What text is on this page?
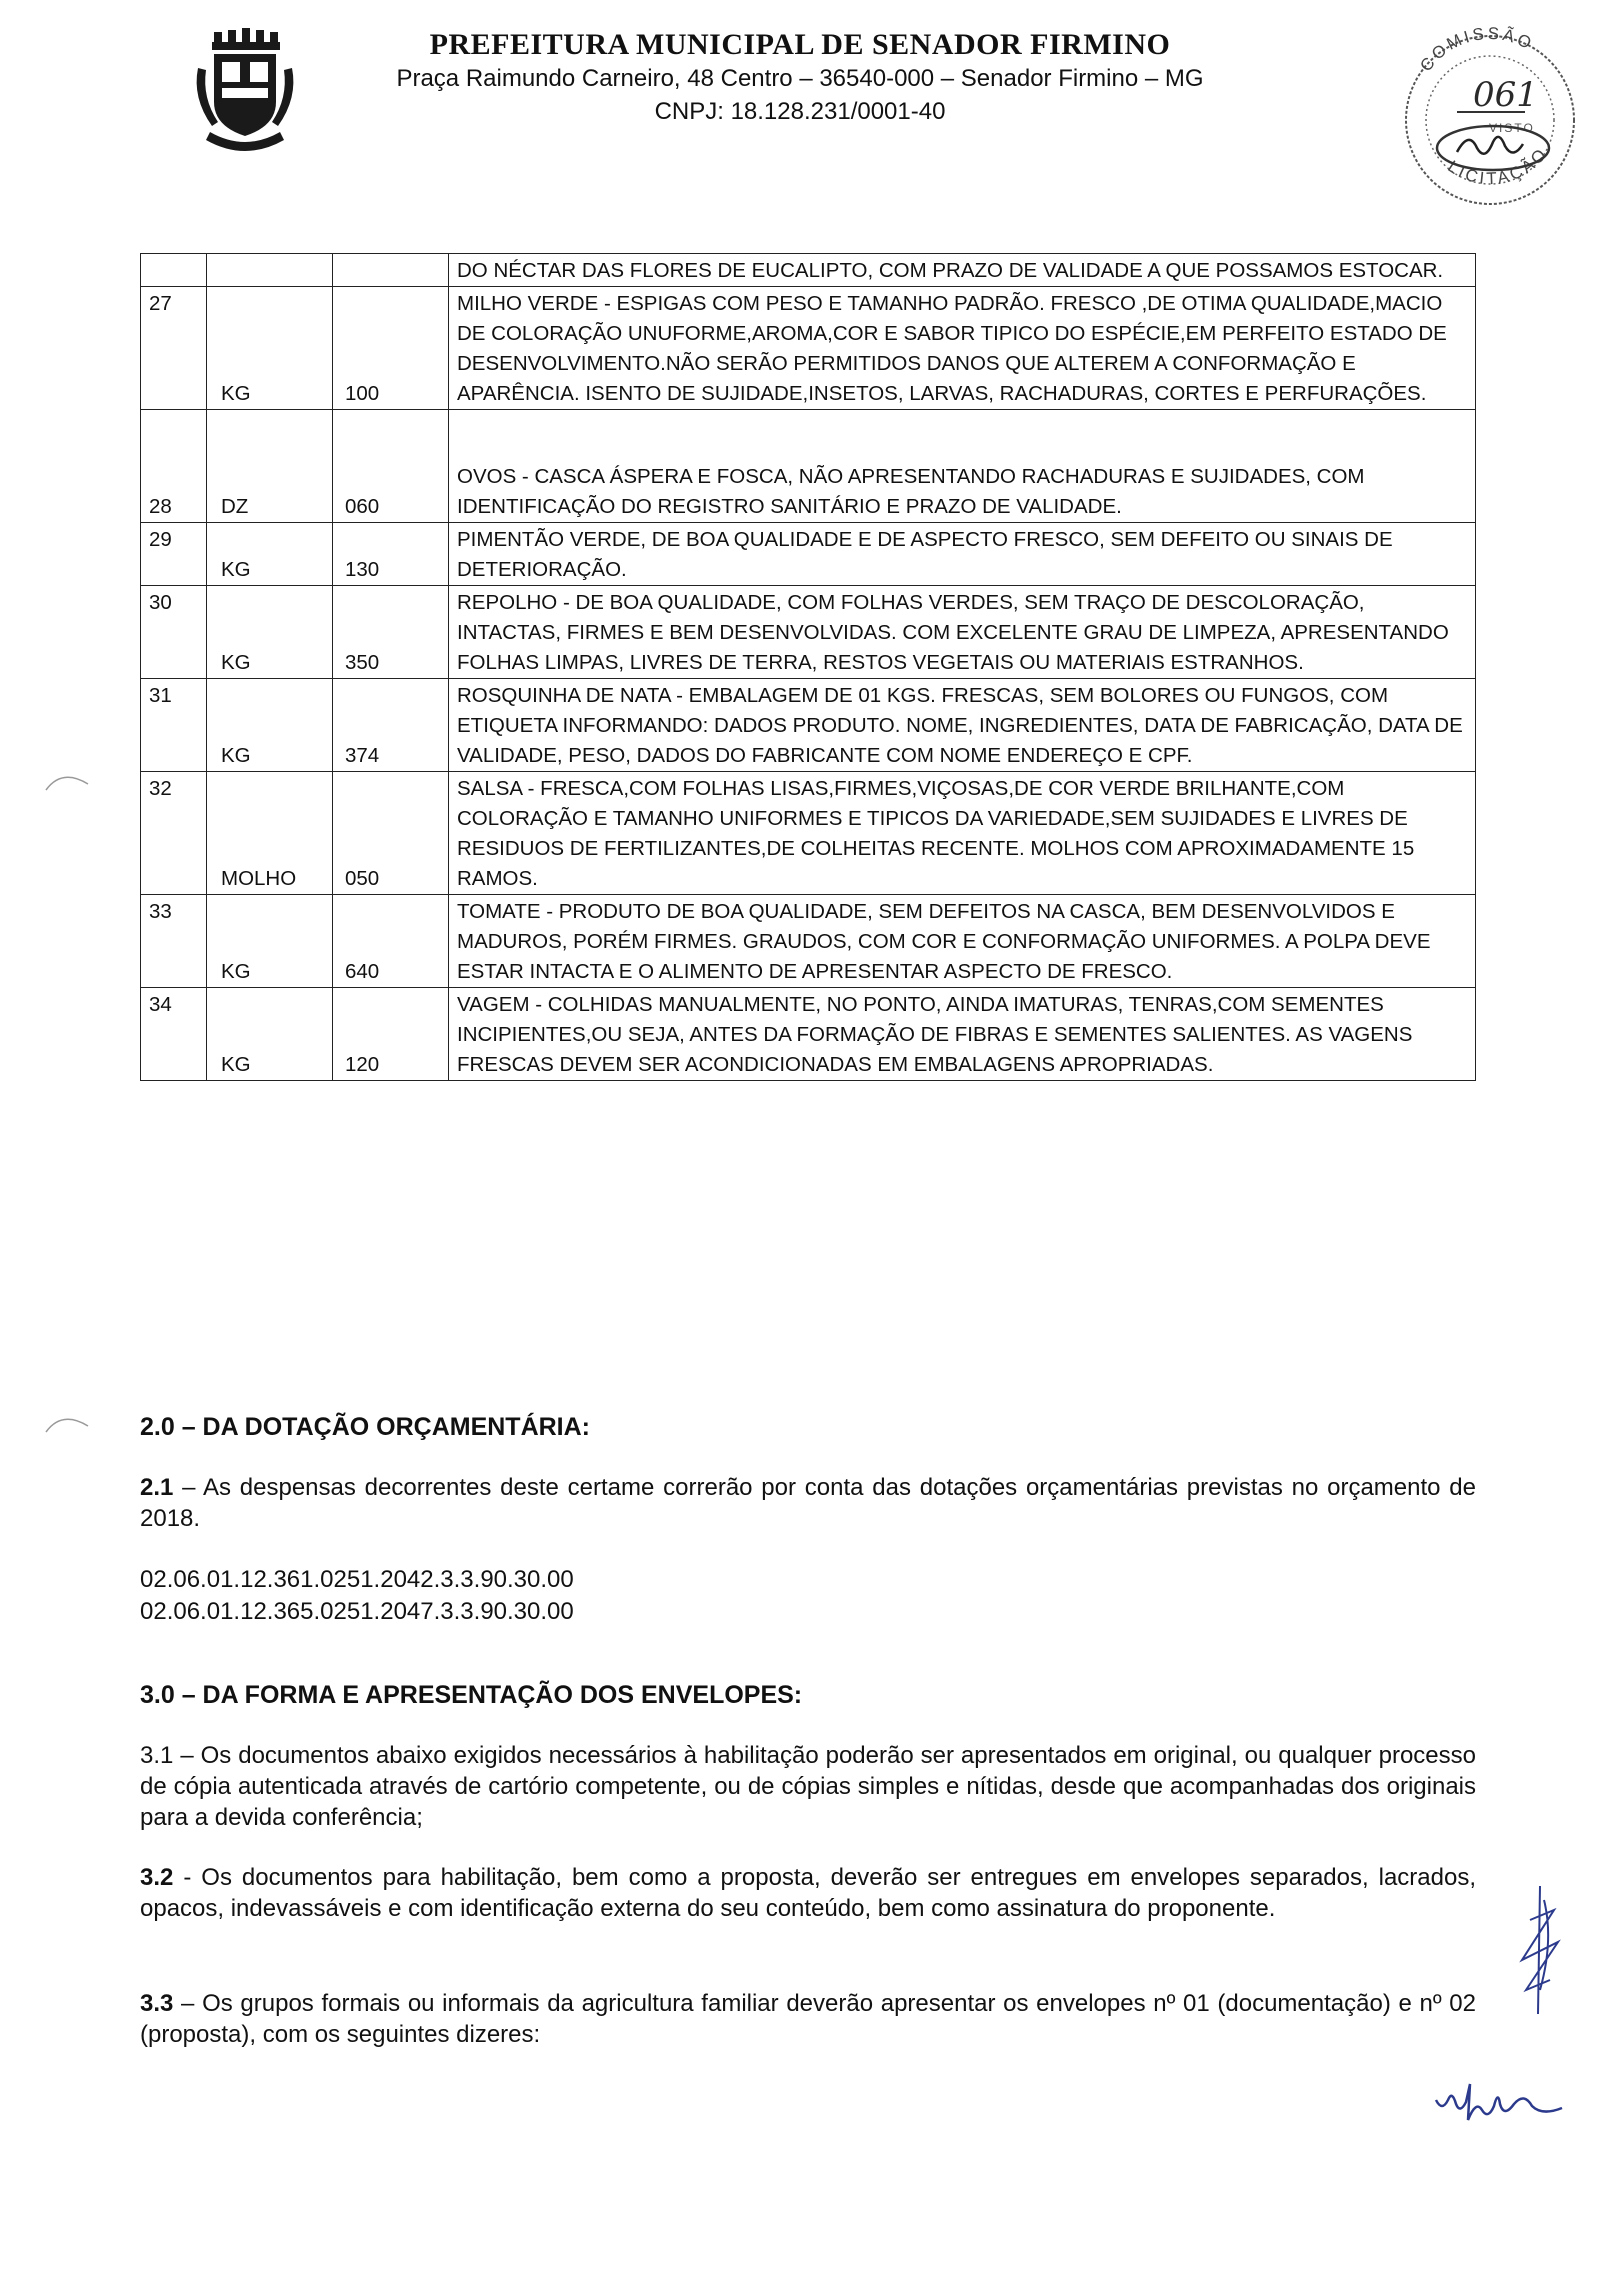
PREFEITURA MUNICIPAL DE SENADOR FIRMINO
Praça Raimundo Carneiro, 48 Centro – 36540-000 – Senador Firmino – MG
CNPJ: 18.128.231/0001-40
COMISSÃO
LICITAÇÃO
061
VISTO
			DO NÉCTAR DAS FLORES DE EUCALIPTO, COM PRAZO DE VALIDADE A QUE POSSAMOS ESTOCAR.
27	KG	100	MILHO VERDE - ESPIGAS COM PESO E TAMANHO PADRÃO. FRESCO ,DE OTIMA QUALIDADE,MACIO DE COLORAÇÃO UNUFORME,AROMA,COR E SABOR TIPICO DO ESPÉCIE,EM PERFEITO ESTADO DE DESENVOLVIMENTO.NÃO SERÃO PERMITIDOS DANOS QUE ALTEREM A CONFORMAÇÃO E APARÊNCIA. ISENTO DE SUJIDADE,INSETOS, LARVAS, RACHADURAS, CORTES E PERFURAÇÕES.
28	DZ	060	OVOS - CASCA ÁSPERA E FOSCA, NÃO APRESENTANDO RACHADURAS E SUJIDADES, COM IDENTIFICAÇÃO DO REGISTRO SANITÁRIO E PRAZO DE VALIDADE.
29	KG	130	PIMENTÃO VERDE, DE BOA QUALIDADE E DE ASPECTO FRESCO, SEM DEFEITO OU SINAIS DE DETERIORAÇÃO.
30	KG	350	REPOLHO - DE BOA QUALIDADE, COM FOLHAS VERDES, SEM TRAÇO DE DESCOLORAÇÃO, INTACTAS, FIRMES E BEM DESENVOLVIDAS. COM EXCELENTE GRAU DE LIMPEZA, APRESENTANDO FOLHAS LIMPAS, LIVRES DE TERRA, RESTOS VEGETAIS OU MATERIAIS ESTRANHOS.
31	KG	374	ROSQUINHA DE NATA - EMBALAGEM DE 01 KGS. FRESCAS, SEM BOLORES OU FUNGOS, COM ETIQUETA INFORMANDO: DADOS PRODUTO. NOME, INGREDIENTES, DATA DE FABRICAÇÃO, DATA DE VALIDADE, PESO, DADOS DO FABRICANTE COM NOME ENDEREÇO E CPF.
32	MOLHO	050	SALSA - FRESCA,COM FOLHAS LISAS,FIRMES,VIÇOSAS,DE COR VERDE BRILHANTE,COM COLORAÇÃO E TAMANHO UNIFORMES E TIPICOS DA VARIEDADE,SEM SUJIDADES E LIVRES DE RESIDUOS DE FERTILIZANTES,DE COLHEITAS RECENTE. MOLHOS COM APROXIMADAMENTE 15 RAMOS.
33	KG	640	TOMATE - PRODUTO DE BOA QUALIDADE, SEM DEFEITOS NA CASCA, BEM DESENVOLVIDOS E MADUROS, PORÉM FIRMES. GRAUDOS, COM COR E CONFORMAÇÃO UNIFORMES. A POLPA DEVE ESTAR INTACTA E O ALIMENTO DE APRESENTAR ASPECTO DE FRESCO.
34	KG	120	VAGEM - COLHIDAS MANUALMENTE, NO PONTO, AINDA IMATURAS, TENRAS,COM SEMENTES INCIPIENTES,OU SEJA, ANTES DA FORMAÇÃO DE FIBRAS E SEMENTES SALIENTES. AS VAGENS FRESCAS DEVEM SER ACONDICIONADAS EM EMBALAGENS APROPRIADAS.
2.0 – DA DOTAÇÃO ORÇAMENTÁRIA:
2.1 – As despensas decorrentes deste certame correrão por conta das dotações orçamentárias previstas no orçamento de 2018.
02.06.01.12.361.0251.2042.3.3.90.30.00
02.06.01.12.365.0251.2047.3.3.90.30.00
3.0 – DA FORMA E APRESENTAÇÃO DOS ENVELOPES:
3.1 – Os documentos abaixo exigidos necessários à habilitação poderão ser apresentados em original, ou qualquer processo de cópia autenticada através de cartório competente, ou de cópias simples e nítidas, desde que acompanhadas dos originais para a devida conferência;
3.2 - Os documentos para habilitação, bem como a proposta, deverão ser entregues em envelopes separados, lacrados, opacos, indevassáveis e com identificação externa do seu conteúdo, bem como assinatura do proponente.
3.3 – Os grupos formais ou informais da agricultura familiar deverão apresentar os envelopes nº 01 (documentação) e nº 02 (proposta), com os seguintes dizeres:
